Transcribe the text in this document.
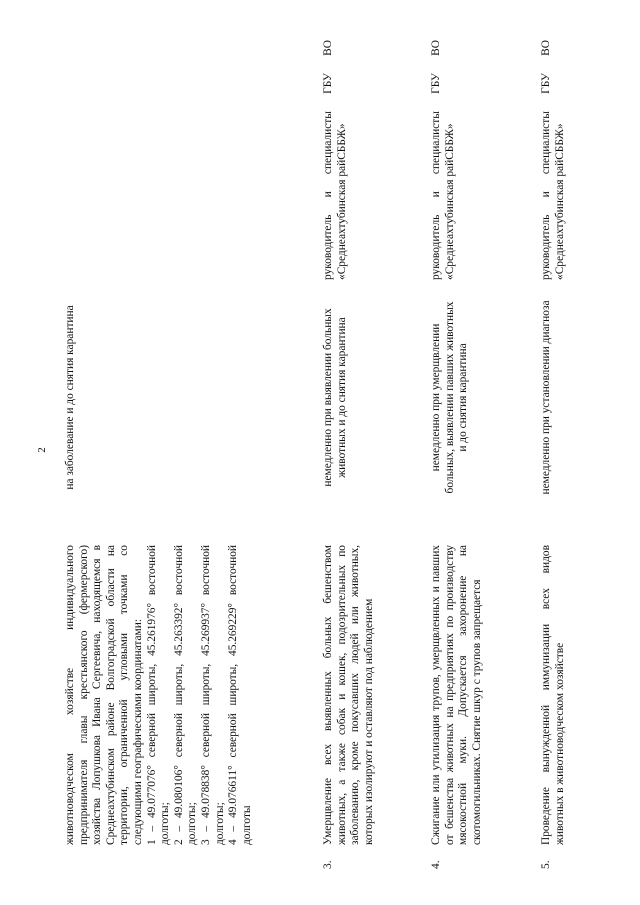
2
животноводческом хозяйстве индивидуального предпринимателя главы крестьянского (фермерского) хозяйства Лопушкова Ивана Сергеевича, находящемся в Среднеахтубинском районе Волгоградской области на территории, ограниченной угловыми точками со следующими географическими координатами: 1 – 49.077076° северной широты, 45.261976° восточной долготы; 2 – 49.080106° северной широты, 45.263392° восточной долготы; 3 – 49.078838° северной широты, 45.269937° восточной долготы; 4 – 49.076611° северной широты, 45.269229° восточной долготы
на заболевание и до снятия карантина
3.
Умерщвление всех выявленных больных бешенством животных, а также собак и кошек, подозрительных по заболеванию, кроме покусавших людей или животных, которых изолируют и оставляют под наблюдением
немедленно при выявлении больных животных и до снятия карантина
руководитель и специалисты ГБУ ВО «Среднеахтубинская райСББЖ»
4.
Сжигание или утилизация трупов, умерщвленных и павших от бешенства животных на предприятиях по производству мясокостной муки. Допускается захоронение на скотомогильниках. Снятие шкур с трупов запрещается
немедленно при умерщвлении больных, выявлении павших животных и до снятия карантина
руководитель и специалисты ГБУ ВО «Среднеахтубинская райСББЖ»
5.
Проведение вынужденной иммунизации всех видов животных в животноводческом хозяйстве
немедленно при установлении диагноза
руководитель и специалисты ГБУ ВО «Среднеахтубинская райСББЖ»
